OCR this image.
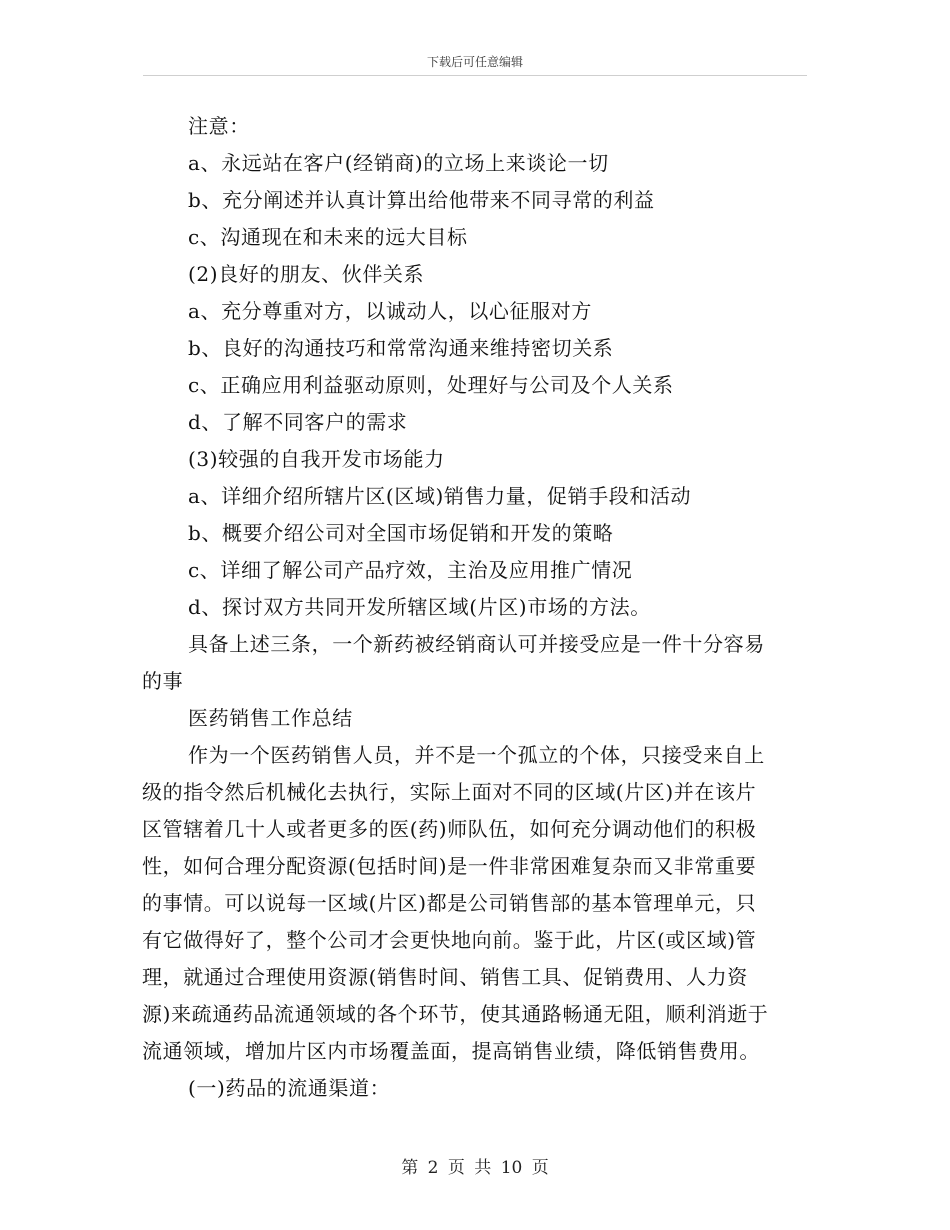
下载后可任意编辑
注意：
a、永远站在客户(经销商)的立场上来谈论一切
b、充分阐述并认真计算出给他带来不同寻常的利益
c、沟通现在和未来的远大目标
(2)良好的朋友、伙伴关系
a、充分尊重对方，以诚动人，以心征服对方
b、良好的沟通技巧和常常沟通来维持密切关系
c、正确应用利益驱动原则，处理好与公司及个人关系
d、了解不同客户的需求
(3)较强的自我开发市场能力
a、详细介绍所辖片区(区域)销售力量，促销手段和活动
b、概要介绍公司对全国市场促销和开发的策略
c、详细了解公司产品疗效，主治及应用推广情况
d、探讨双方共同开发所辖区域(片区)市场的方法。
具备上述三条，一个新药被经销商认可并接受应是一件十分容易
的事
医药销售工作总结
作为一个医药销售人员，并不是一个孤立的个体，只接受来自上
级的指令然后机械化去执行，实际上面对不同的区域(片区)并在该片
区管辖着几十人或者更多的医(药)师队伍，如何充分调动他们的积极
性，如何合理分配资源(包括时间)是一件非常困难复杂而又非常重要
的事情。可以说每一区域(片区)都是公司销售部的基本管理单元，只
有它做得好了，整个公司才会更快地向前。鉴于此，片区(或区域)管
理，就通过合理使用资源(销售时间、销售工具、促销费用、人力资
源)来疏通药品流通领域的各个环节，使其通路畅通无阻，顺利消逝于
流通领域，增加片区内市场覆盖面，提高销售业绩，降低销售费用。
(一)药品的流通渠道：
第 2 页 共 10 页
